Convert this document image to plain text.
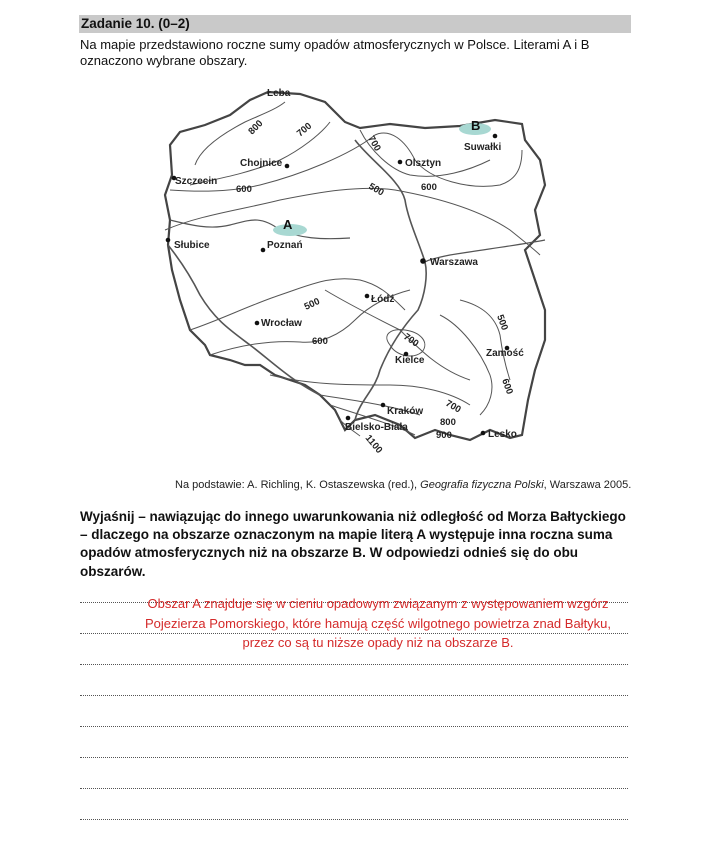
Zadanie 10. (0–2)
Na mapie przedstawiono roczne sumy opadów atmosferycznych w Polsce. Literami A i B oznaczono wybrane obszary.
A
B
Łeba
Chojnice	Olsztyn
Suwałki
Szczecin
Słubice	Poznań
Warszawa
Łódź
Wrocław
Kielce
Zamość
Kraków
Bielsko-Biała
Lesko
800	700
600
700
500	600
500
600	700
500
600
700
800
900
1100
Na podstawie: A. Richling, K. Ostaszewska (red.), Geografia fizyczna Polski, Warszawa 2005.
Wyjaśnij – nawiązując do innego uwarunkowania niż odległość od Morza Bałtyckiego – dlaczego na obszarze oznaczonym na mapie literą A występuje inna roczna suma opadów atmosferycznych niż na obszarze B. W odpowiedzi odnieś się do obu obszarów.
Obszar A znajduje się w cieniu opadowym związanym z występowaniem wzgórz Pojezierza Pomorskiego, które hamują część wilgotnego powietrza znad Bałtyku, przez co są tu niższe opady niż na obszarze B.
